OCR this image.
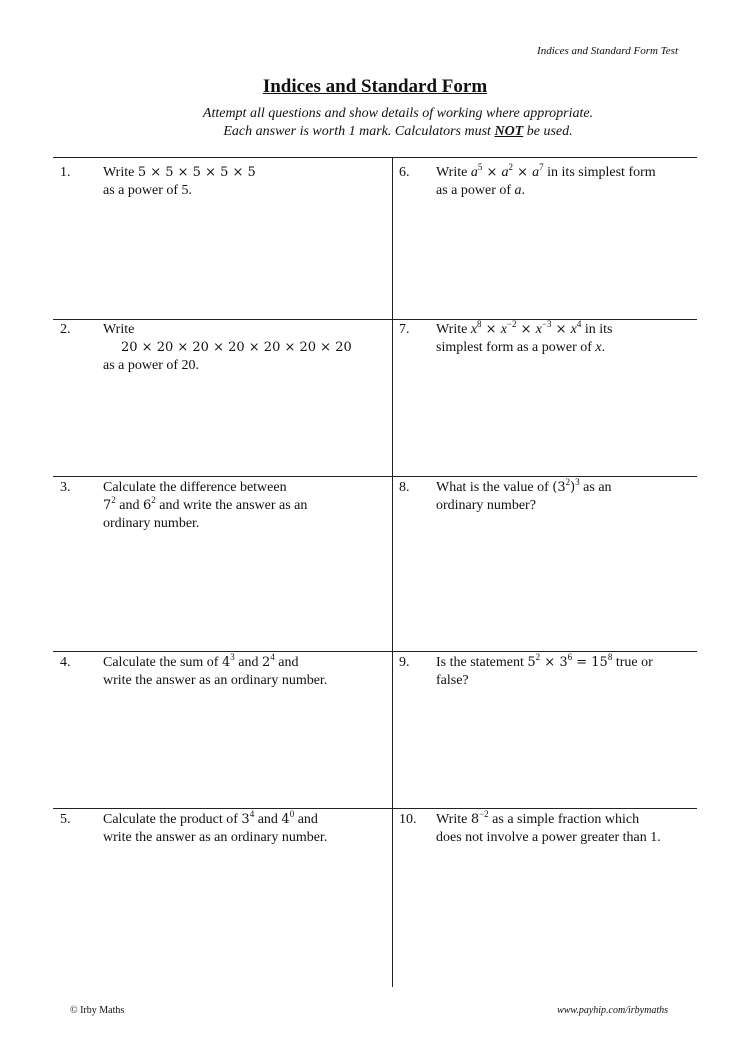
Indices and Standard Form Test
Indices and Standard Form
Attempt all questions and show details of working where appropriate.
Each answer is worth 1 mark. Calculators must NOT be used.
1. Write 5 × 5 × 5 × 5 × 5
as a power of 5.
2. Write
20 × 20 × 20 × 20 × 20 × 20 × 20
as a power of 20.
3. Calculate the difference between
$7^2$ and $6^2$ and write the answer as an
ordinary number.
4. Calculate the sum of $4^3$ and $2^4$ and
write the answer as an ordinary number.
5. Calculate the product of $3^4$ and $4^0$ and
write the answer as an ordinary number.
6. Write $a^5 \times a^2 \times a^7$ in its simplest form
as a power of a.
7. Write $x^8 \times x^{-2} \times x^{-3} \times x^4$ in its
simplest form as a power of x.
8. What is the value of $(3^2)^3$ as an
ordinary number?
9. Is the statement $5^2 \times 3^6 = 15^8$ true or
false?
10. Write $8^{-2}$ as a simple fraction which
does not involve a power greater than 1.
© Irby Maths	www.payhip.com/irbymaths
